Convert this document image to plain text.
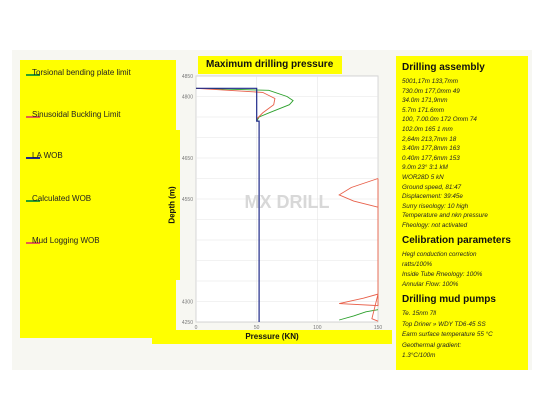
Torsional bending plate limit
Sinusoidal Buckling Limit
LA WOB
Calculated WOB
Mud Logging WOB
Maximum drilling pressure
Depth (m)
Pressure (KN)
MX DRILL
0	50	100	150
4850
4800
4650
4550
4300
4250
Drilling assembly
5001,17m 133,7mm
730.0m 177,0mm 49
34.0m 171,9mm
5.7m 171.6mm
100, 7.00.0m 172 Omm 74
102.0m 165 1 mm
2,64m 213,7mm 18
3.40m 177,8mm 163
0.40m 177,6mm 153
9.0m 23° 3:1 kM
WOR28D 5 kN
Ground speed, 81:47
Displacement: 39:45e
Surry riseology: 10 high
Temperature and nkn pressure
Fheology: not activated
Celibration parameters
Hegl conduction correction
ratts/100%
Inside Tube Rneology: 100%
Annular Flow: 100%
Drilling mud pumps
Te. 15nm 7ll
Top Driner » WDY TD6·45 SS
Earm surface temperature 55 °C
Geothermal gradient:
1.3°C/100m
